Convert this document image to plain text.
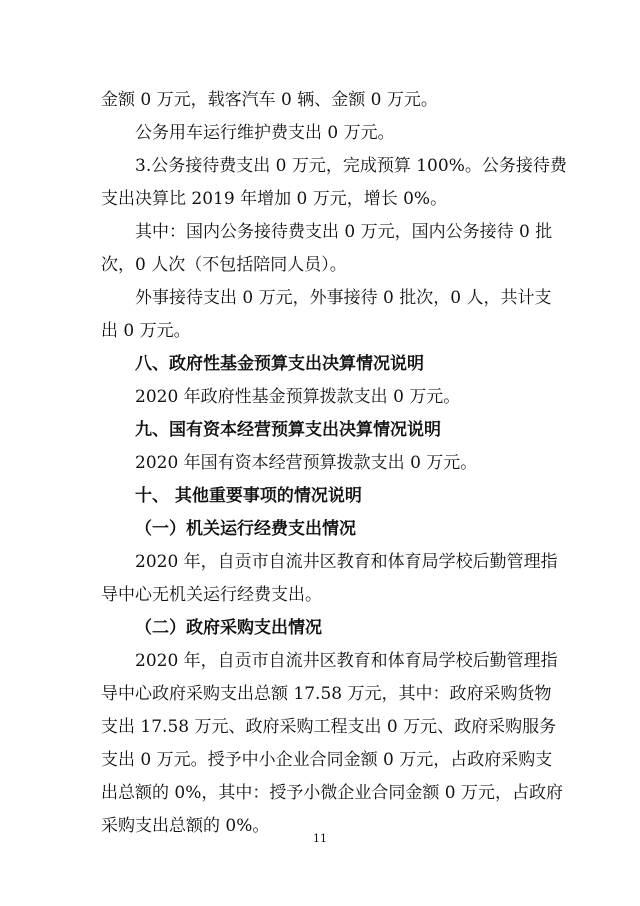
金额 0 万元，载客汽车 0 辆、金额 0 万元。

公务用车运行维护费支出 0 万元。

3.公务接待费支出 0 万元，完成预算 100%。公务接待费

支出决算比 2019 年增加 0 万元，增长 0%。

其中：国内公务接待费支出 0 万元，国内公务接待 0 批

次，0 人次（不包括陪同人员）。

外事接待支出 0 万元，外事接待 0 批次，0 人，共计支

出 0 万元。

八、政府性基金预算支出决算情况说明

2020 年政府性基金预算拨款支出 0 万元。

九、国有资本经营预算支出决算情况说明

2020 年国有资本经营预算拨款支出 0 万元。

十、 其他重要事项的情况说明

（一）机关运行经费支出情况

2020 年，自贡市自流井区教育和体育局学校后勤管理指

导中心无机关运行经费支出。

（二）政府采购支出情况

2020 年，自贡市自流井区教育和体育局学校后勤管理指

导中心政府采购支出总额 17.58 万元，其中：政府采购货物

支出 17.58 万元、政府采购工程支出 0 万元、政府采购服务

支出 0 万元。授予中小企业合同金额 0 万元，占政府采购支

出总额的 0%，其中：授予小微企业合同金额 0 万元，占政府

采购支出总额的 0%。

11
